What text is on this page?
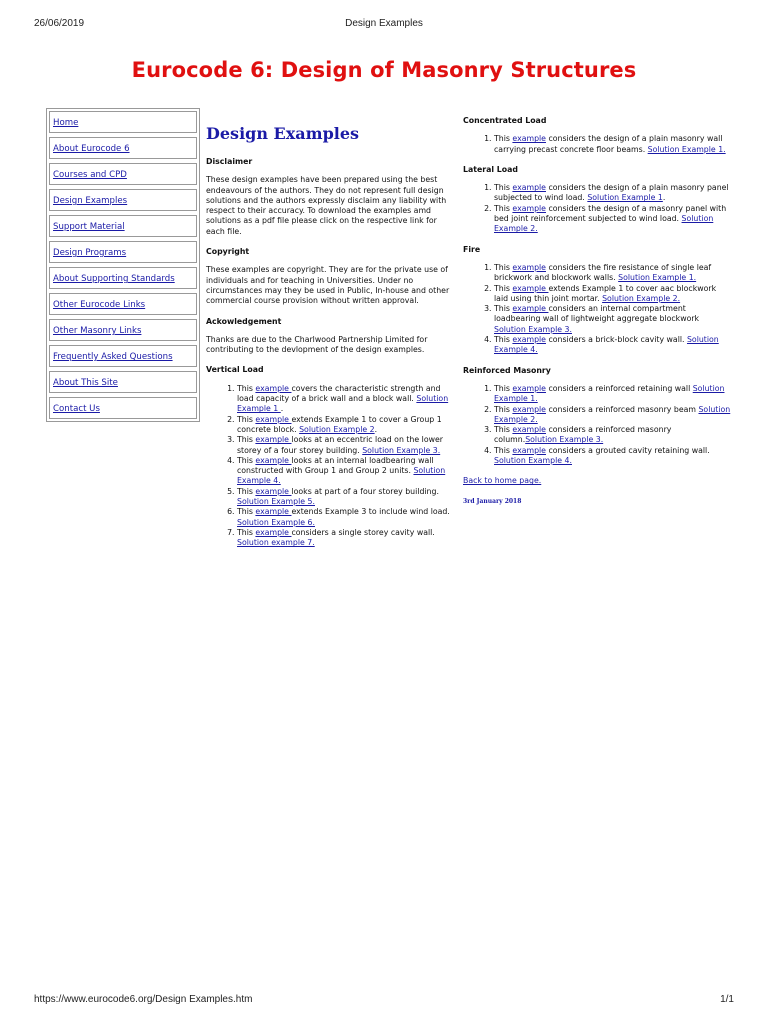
26/06/2019	Design Examples
Eurocode 6: Design of Masonry Structures
Home
About Eurocode 6
Courses and CPD
Design Examples
Support Material
Design Programs
About Supporting Standards
Other Eurocode Links
Other Masonry Links
Frequently Asked Questions
About This Site
Contact Us
Design Examples
Disclaimer
These design examples have been prepared using the best endeavours of the authors. They do not represent full design solutions and the authors expressly disclaim any liability with respect to their accuracy. To download the examples amd solutions as a pdf file please click on the respective link for each file.
Copyright
These examples are copyright. They are for the private use of individuals and for teaching in Universities. Under no circumstances may they be used in Public, In-house and other commercial course provision without written approval.
Ackowledgement
Thanks are due to the Charlwood Partnership Limited for contributing to the devlopment of the design examples.
Vertical Load
1. This example covers the characteristic strength and load capacity of a brick wall and a block wall. Solution Example 1 .
2. This example extends Example 1 to cover a Group 1 concrete block. Solution Example 2.
3. This example looks at an eccentric load on the lower storey of a four storey building. Solution Example 3.
4. This example looks at an internal loadbearing wall constructed with Group 1 and Group 2 units. Solution Example 4.
5. This example looks at part of a four storey building. Solution Example 5.
6. This example extends Example 3 to include wind load. Solution Example 6.
7. This example considers a single storey cavity wall. Solution example 7.
Concentrated Load
1. This example considers the design of a plain masonry wall carrying precast concrete floor beams. Solution Example 1.
Lateral Load
1. This example considers the design of a plain masonry panel subjected to wind load. Solution Example 1.
2. This example considers the design of a masonry panel with bed joint reinforcement subjected to wind load. Solution Example 2.
Fire
1. This example considers the fire resistance of single leaf brickwork and blockwork walls. Solution Example 1.
2. This example extends Example 1 to cover aac blockwork laid using thin joint mortar. Solution Example 2.
3. This example considers an internal compartment loadbearing wall of lightweight aggregate blockwork Solution Example 3.
4. This example considers a brick-block cavity wall. Solution Example 4.
Reinforced Masonry
1. This example considers a reinforced retaining wall Solution Example 1.
2. This example considers a reinforced masonry beam Solution Example 2.
3. This example considers a reinforced masonry column.Solution Example 3.
4. This example considers a grouted cavity retaining wall. Solution Example 4.
Back to home page.
3rd January 2018
https://www.eurocode6.org/Design Examples.htm	1/1
